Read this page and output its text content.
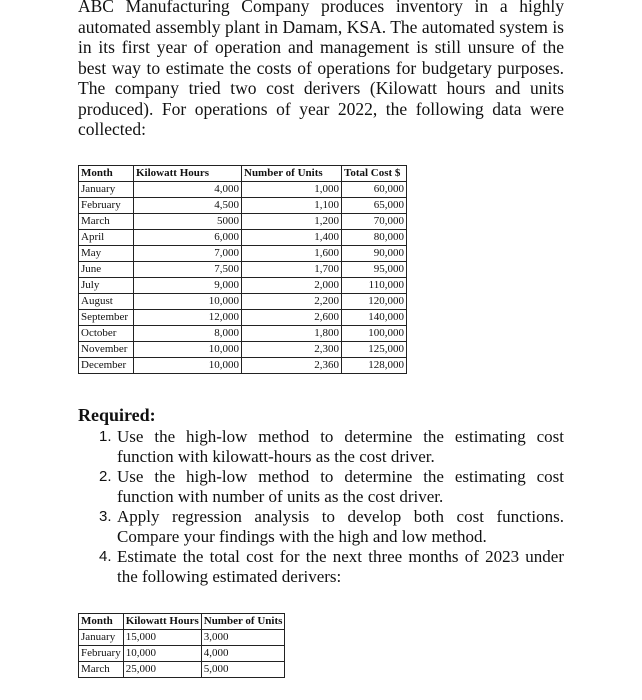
ABC Manufacturing Company produces inventory in a highly automated assembly plant in Damam, KSA. The automated system is in its first year of operation and management is still unsure of the best way to estimate the costs of operations for budgetary purposes. The company tried two cost derivers (Kilowatt hours and units produced). For operations of year 2022, the following data were collected:

Month	Kilowatt Hours	Number of Units	Total Cost $
January	4,000	1,000	60,000
February	4,500	1,100	65,000
March	5000	1,200	70,000
April	6,000	1,400	80,000
May	7,000	1,600	90,000
June	7,500	1,700	95,000
July	9,000	2,000	110,000
August	10,000	2,200	120,000
September	12,000	2,600	140,000
October	8,000	1,800	100,000
November	10,000	2,300	125,000
December	10,000	2,360	128,000

Required:

1. Use the high-low method to determine the estimating cost function with kilowatt-hours as the cost driver.
2. Use the high-low method to determine the estimating cost function with number of units as the cost driver.
3. Apply regression analysis to develop both cost functions. Compare your findings with the high and low method.
4. Estimate the total cost for the next three months of 2023 under the following estimated derivers:
Month	Kilowatt Hours	Number of Units
January	15,000	3,000
February	10,000	4,000
March	25,000	5,000
